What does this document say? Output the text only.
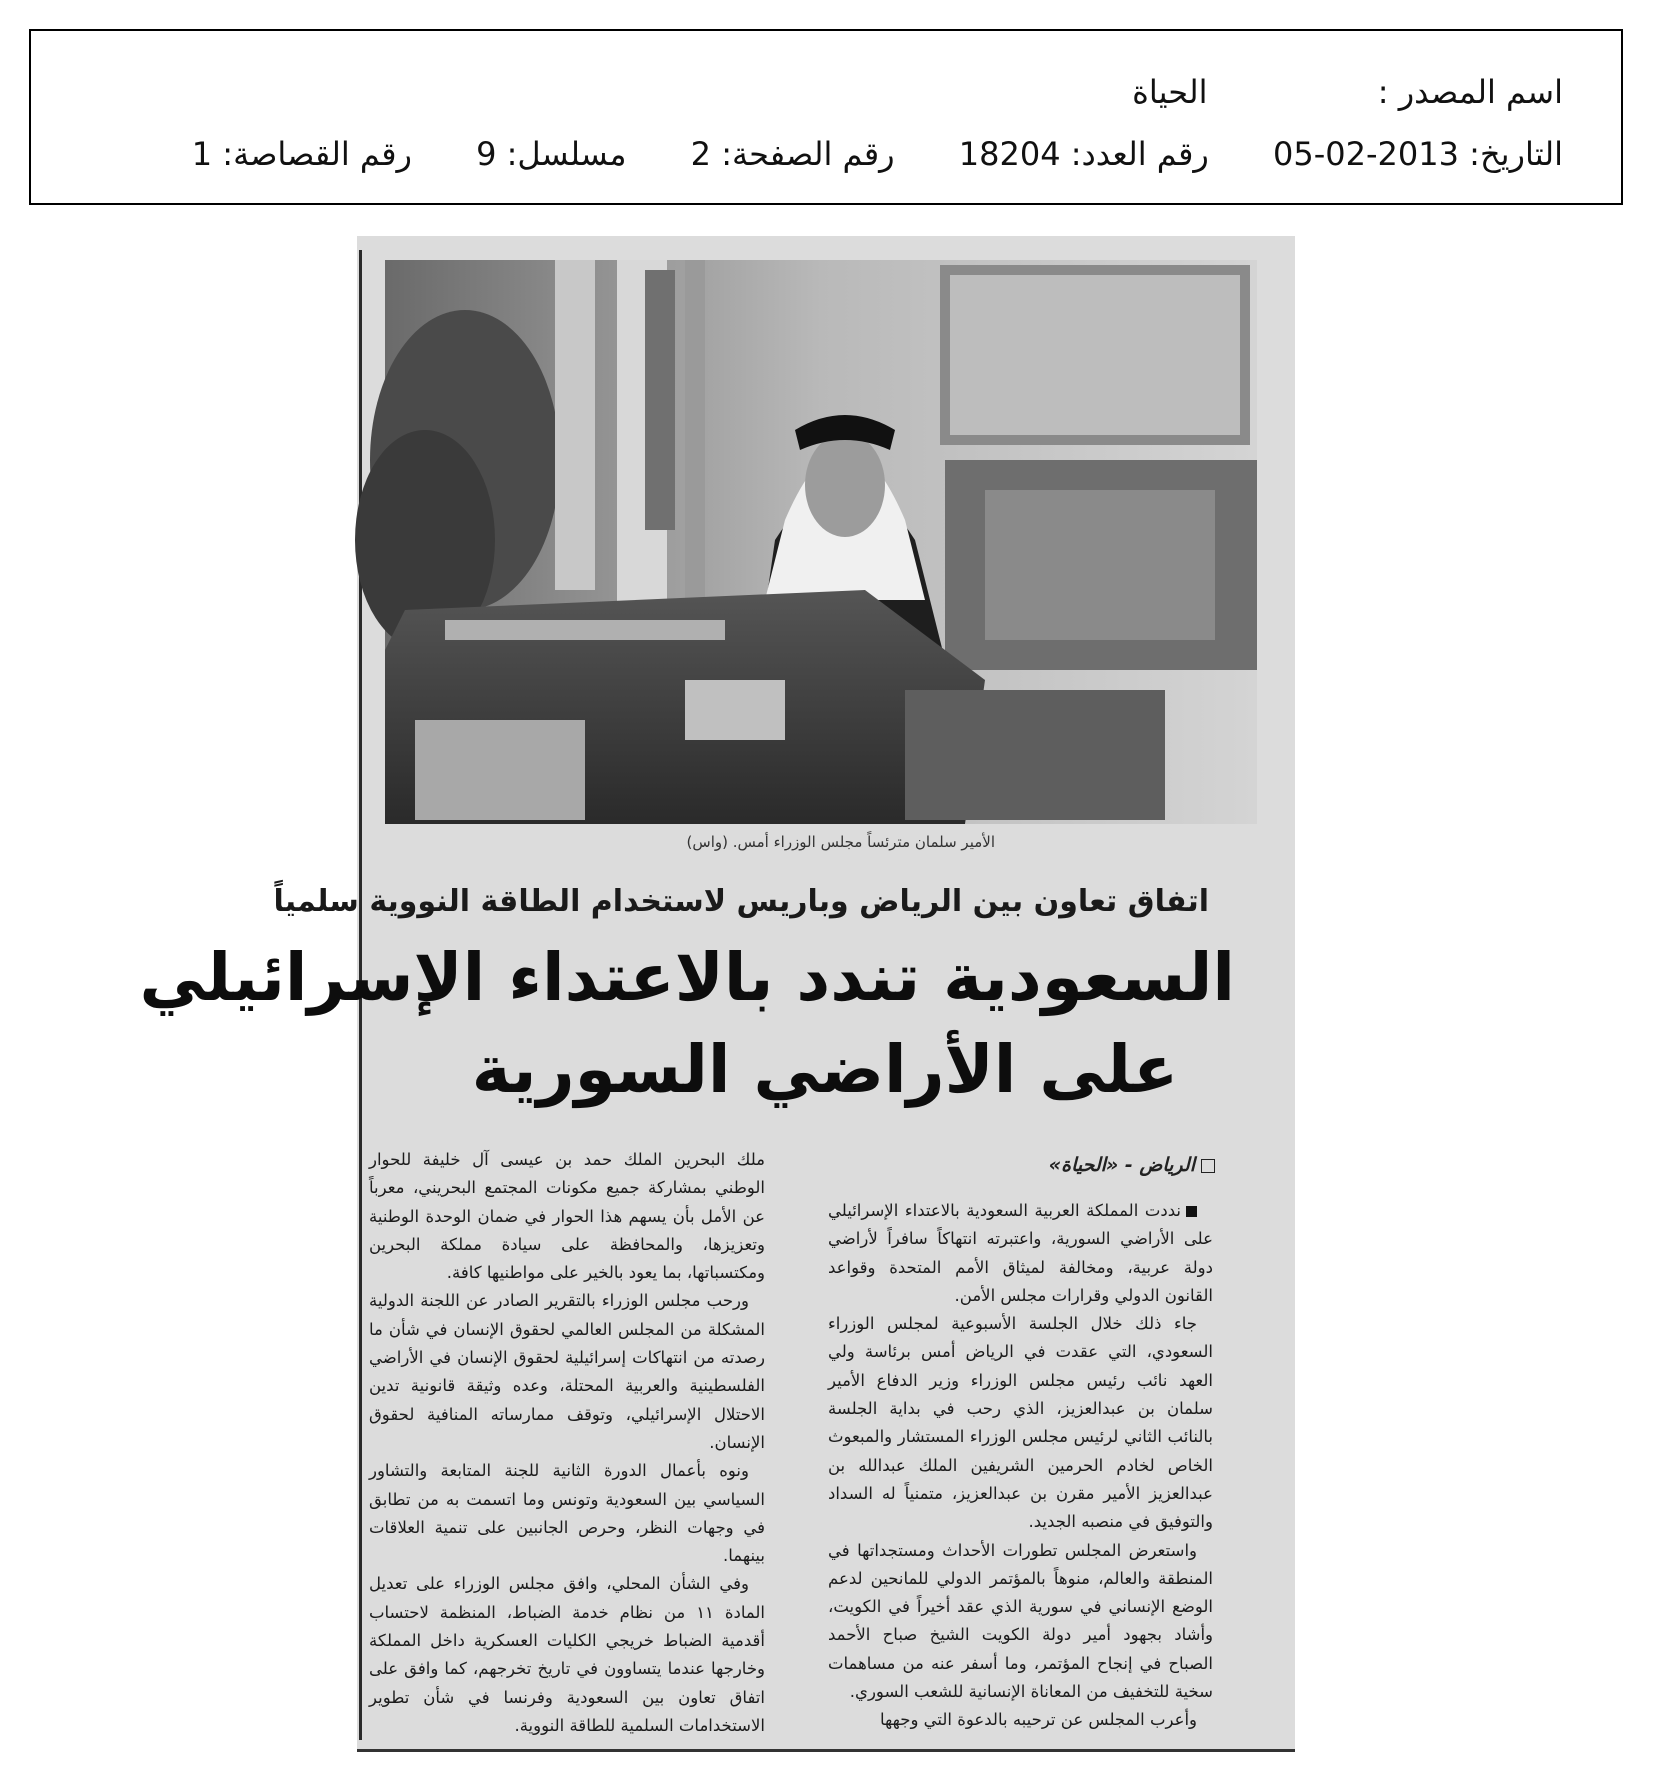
اسم المصدر : الحياة
التاريخ: 2013-02-05 رقم العدد: 18204 رقم الصفحة: 2 مسلسل: 9 رقم القصاصة: 1
الأمير سلمان مترئساً مجلس الوزراء أمس. (واس)
اتفاق تعاون بين الرياض وباريس لاستخدام الطاقة النووية سلمياً
السعودية تندد بالاعتداء الإسرائيلي
على الأراضي السورية
الرياض - «الحياة»

نددت المملكة العربية السعودية بالاعتداء الإسرائيلي على الأراضي السورية، واعتبرته انتهاكاً سافراً لأراضي دولة عربية، ومخالفة لميثاق الأمم المتحدة وقواعد القانون الدولي وقرارات مجلس الأمن.

جاء ذلك خلال الجلسة الأسبوعية لمجلس الوزراء السعودي، التي عقدت في الرياض أمس برئاسة ولي العهد نائب رئيس مجلس الوزراء وزير الدفاع الأمير سلمان بن عبدالعزيز، الذي رحب في بداية الجلسة بالنائب الثاني لرئيس مجلس الوزراء المستشار والمبعوث الخاص لخادم الحرمين الشريفين الملك عبدالله بن عبدالعزيز الأمير مقرن بن عبدالعزيز، متمنياً له السداد والتوفيق في منصبه الجديد.

واستعرض المجلس تطورات الأحداث ومستجداتها في المنطقة والعالم، منوهاً بالمؤتمر الدولي للمانحين لدعم الوضع الإنساني في سورية الذي عقد أخيراً في الكويت، وأشاد بجهود أمير دولة الكويت الشيخ صباح الأحمد الصباح في إنجاح المؤتمر، وما أسفر عنه من مساهمات سخية للتخفيف من المعاناة الإنسانية للشعب السوري.

وأعرب المجلس عن ترحيبه بالدعوة التي وجهها

ملك البحرين الملك حمد بن عيسى آل خليفة للحوار الوطني بمشاركة جميع مكونات المجتمع البحريني، معرباً عن الأمل بأن يسهم هذا الحوار في ضمان الوحدة الوطنية وتعزيزها، والمحافظة على سيادة مملكة البحرين ومكتسباتها، بما يعود بالخير على مواطنيها كافة.

ورحب مجلس الوزراء بالتقرير الصادر عن اللجنة الدولية المشكلة من المجلس العالمي لحقوق الإنسان في شأن ما رصدته من انتهاكات إسرائيلية لحقوق الإنسان في الأراضي الفلسطينية والعربية المحتلة، وعده وثيقة قانونية تدين الاحتلال الإسرائيلي، وتوقف ممارساته المنافية لحقوق الإنسان.

ونوه بأعمال الدورة الثانية للجنة المتابعة والتشاور السياسي بين السعودية وتونس وما اتسمت به من تطابق في وجهات النظر، وحرص الجانبين على تنمية العلاقات بينهما.

وفي الشأن المحلي، وافق مجلس الوزراء على تعديل المادة ١١ من نظام خدمة الضباط، المنظمة لاحتساب أقدمية الضباط خريجي الكليات العسكرية داخل المملكة وخارجها عندما يتساوون في تاريخ تخرجهم، كما وافق على اتفاق تعاون بين السعودية وفرنسا في شأن تطوير الاستخدامات السلمية للطاقة النووية.
